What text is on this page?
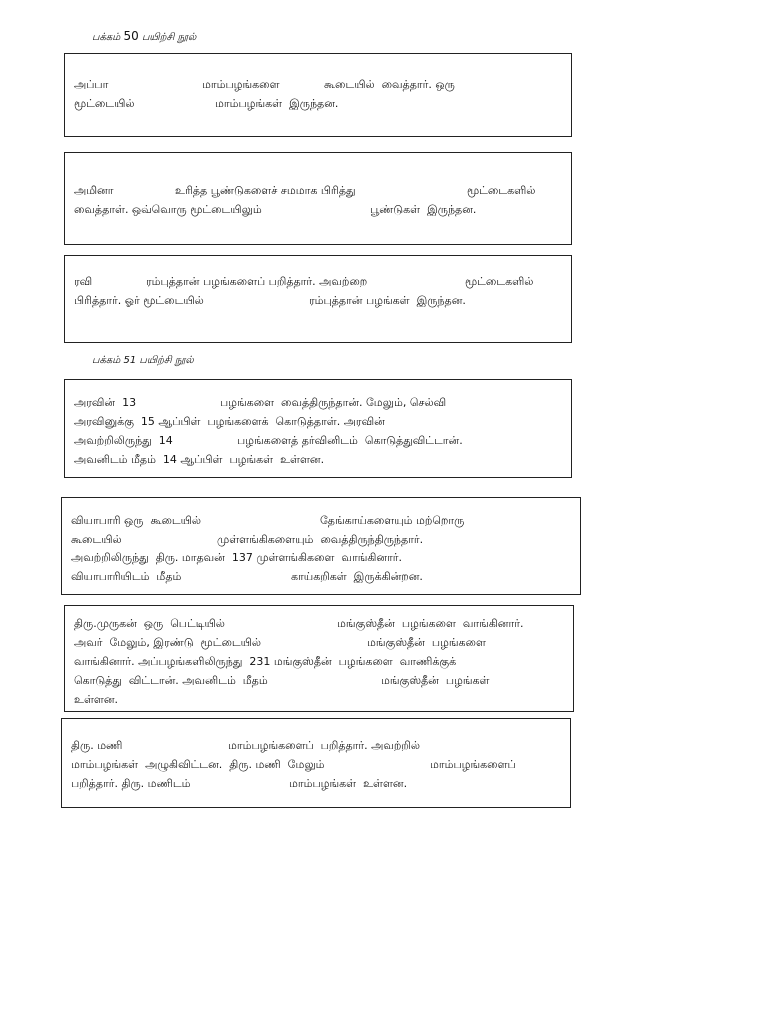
பக்கம் 50 பயிற்சி நூல்
அப்பா	மாம்பழங்களை	கூடையில்  வைத்தார். ஒரு
மூட்டையில்	மாம்பழங்கள்  இருந்தன.
அமினா	உரித்த பூண்டுகளைச் சமமாக பிரித்து	மூட்டைகளில்
வைத்தாள். ஒவ்வொரு மூட்டையிலும்	பூண்டுகள்  இருந்தன.
ரவி	ரம்புத்தான் பழங்களைப் பறித்தார். அவற்றை	மூட்டைகளில்
பிரித்தார். ஓர் மூட்டையில்	ரம்புத்தான் பழங்கள்  இருந்தன.
பக்கம் 51 பயிற்சி நூல்
அரவின்  13	பழங்களை  வைத்திருந்தான். மேலும், செல்வி
அரவினுக்கு  15 ஆப்பிள்  பழங்களைக்  கொடுத்தாள். அரவின்
அவற்றிலிருந்து  14	பழங்களைத் தர்வினிடம்  கொடுத்துவிட்டான்.
அவனிடம் மீதம்  14 ஆப்பிள்  பழங்கள்  உள்ளன.
வியாபாரி ஒரு  கூடையில்	தேங்காய்களையும் மற்றொரு
கூடையில்	முள்ளங்கிகளையும்  வைத்திருந்திருந்தார்.
அவற்றிலிருந்து  திரு. மாதவன்  137 முள்ளங்கிகளை  வாங்கினார்.
வியாபாரியிடம்  மீதம்	காய்கறிகள்  இருக்கின்றன.
திரு.முருகன்  ஒரு  பெட்டியில்	மங்குஸ்தீன்  பழங்களை  வாங்கினார்.
அவர்  மேலும், இரண்டு  மூட்டையில்	மங்குஸ்தீன்  பழங்களை
வாங்கினார். அப்பழங்களிலிருந்து  231 மங்குஸ்தீன்  பழங்களை  வாணிக்குக்
கொடுத்து  விட்டான். அவனிடம்  மீதம்	மங்குஸ்தீன்  பழங்கள்
உள்ளன.
திரு. மணி	மாம்பழங்களைப்  பறித்தார். அவற்றில்
மாம்பழங்கள்  அழுகிவிட்டன.  திரு. மணி  மேலும்	மாம்பழங்களைப்
பறித்தார். திரு. மணிடம்	மாம்பழங்கள்  உள்ளன.
